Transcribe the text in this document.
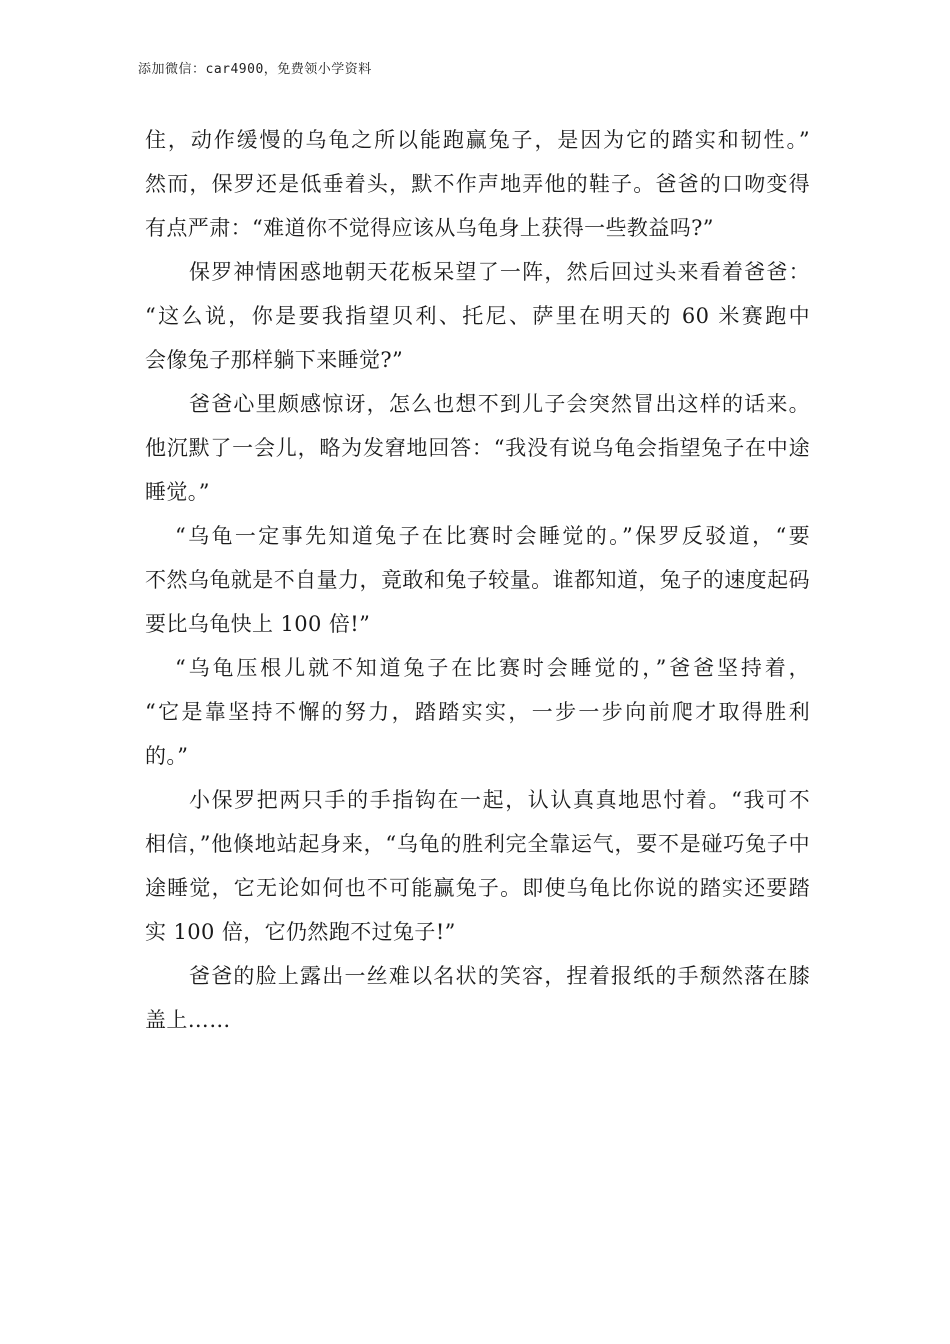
添加微信：car4900，免费领小学资料
住，动作缓慢的乌龟之所以能跑赢兔子，是因为它的踏实和韧性。”
然而，保罗还是低垂着头，默不作声地弄他的鞋子。爸爸的口吻变得
有点严肃：“难道你不觉得应该从乌龟身上获得一些教益吗?”
保罗神情困惑地朝天花板呆望了一阵，然后回过头来看着爸爸：
“这么说，你是要我指望贝利、托尼、萨里在明天的 60 米赛跑中
会像兔子那样躺下来睡觉?”
爸爸心里颇感惊讶，怎么也想不到儿子会突然冒出这样的话来。
他沉默了一会儿，略为发窘地回答：“我没有说乌龟会指望兔子在中途
睡觉。”
“乌龟一定事先知道兔子在比赛时会睡觉的。”保罗反驳道，“要
不然乌龟就是不自量力，竟敢和兔子较量。谁都知道，兔子的速度起码
要比乌龟快上 100 倍!”
“乌龟压根儿就不知道兔子在比赛时会睡觉的，”爸爸坚持着，
“它是靠坚持不懈的努力，踏踏实实，一步一步向前爬才取得胜利
的。”
小保罗把两只手的手指钩在一起，认认真真地思忖着。“我可不
相信，”他倏地站起身来，“乌龟的胜利完全靠运气，要不是碰巧兔子中
途睡觉，它无论如何也不可能赢兔子。即使乌龟比你说的踏实还要踏
实 100 倍，它仍然跑不过兔子!”
爸爸的脸上露出一丝难以名状的笑容，捏着报纸的手颓然落在膝
盖上……
